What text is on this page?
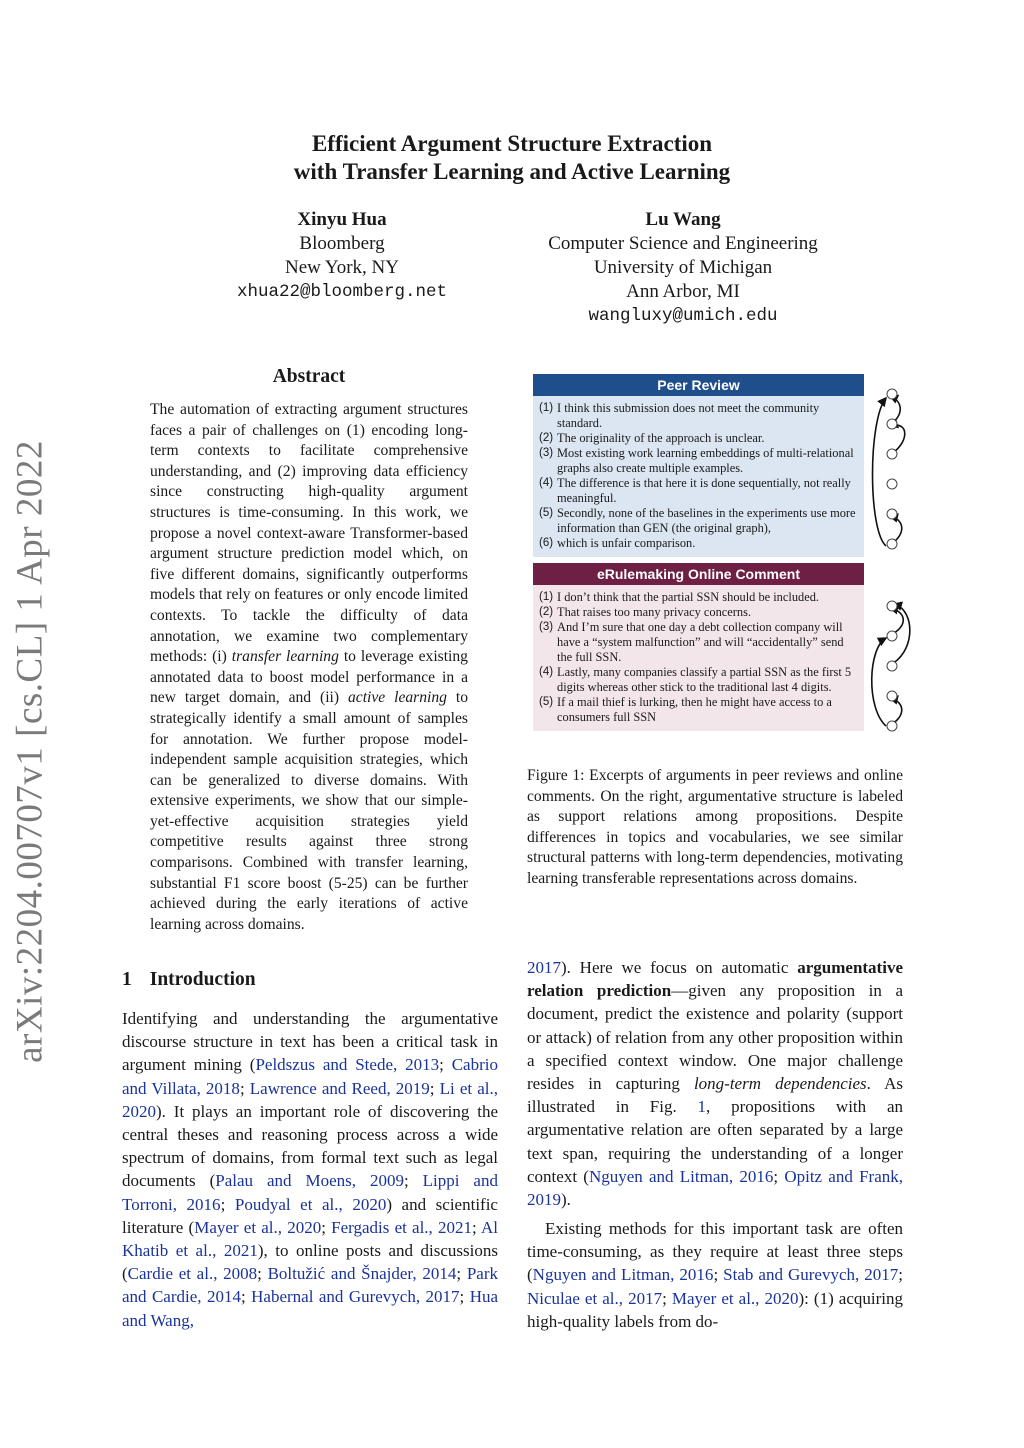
arXiv:2204.00707v1 [cs.CL] 1 Apr 2022
Efficient Argument Structure Extraction
with Transfer Learning and Active Learning
Xinyu Hua
Bloomberg
New York, NY
xhua22@bloomberg.net
Lu Wang
Computer Science and Engineering
University of Michigan
Ann Arbor, MI
wangluxy@umich.edu
Abstract
The automation of extracting argument structures faces a pair of challenges on (1) encoding long-term contexts to facilitate comprehensive understanding, and (2) improving data efficiency since constructing high-quality argument structures is time-consuming. In this work, we propose a novel context-aware Transformer-based argument structure prediction model which, on five different domains, significantly outperforms models that rely on features or only encode limited contexts. To tackle the difficulty of data annotation, we examine two complementary methods: (i) transfer learning to leverage existing annotated data to boost model performance in a new target domain, and (ii) active learning to strategically identify a small amount of samples for annotation. We further propose model-independent sample acquisition strategies, which can be generalized to diverse domains. With extensive experiments, we show that our simple-yet-effective acquisition strategies yield competitive results against three strong comparisons. Combined with transfer learning, substantial F1 score boost (5-25) can be further achieved during the early iterations of active learning across domains.
1 Introduction
Identifying and understanding the argumentative discourse structure in text has been a critical task in argument mining (Peldszus and Stede, 2013; Cabrio and Villata, 2018; Lawrence and Reed, 2019; Li et al., 2020). It plays an important role of discovering the central theses and reasoning process across a wide spectrum of domains, from formal text such as legal documents (Palau and Moens, 2009; Lippi and Torroni, 2016; Poudyal et al., 2020) and scientific literature (Mayer et al., 2020; Fergadis et al., 2021; Al Khatib et al., 2021), to online posts and discussions (Cardie et al., 2008; Boltužić and Šnajder, 2014; Park and Cardie, 2014; Habernal and Gurevych, 2017; Hua and Wang,
2017). Here we focus on automatic argumentative relation prediction—given any proposition in a document, predict the existence and polarity (support or attack) of relation from any other proposition within a specified context window. One major challenge resides in capturing long-term dependencies. As illustrated in Fig. 1, propositions with an argumentative relation are often separated by a large text span, requiring the understanding of a longer context (Nguyen and Litman, 2016; Opitz and Frank, 2019).
Existing methods for this important task are often time-consuming, as they require at least three steps (Nguyen and Litman, 2016; Stab and Gurevych, 2017; Niculae et al., 2017; Mayer et al., 2020): (1) acquiring high-quality labels from do-
Peer Review
(1) I think this submission does not meet the community standard.
(2) The originality of the approach is unclear.
(3) Most existing work learning embeddings of multi-relational graphs also create multiple examples.
(4) The difference is that here it is done sequentially, not really meaningful.
(5) Secondly, none of the baselines in the experiments use more information than GEN (the original graph),
(6) which is unfair comparison.
eRulemaking Online Comment
(1) I don’t think that the partial SSN should be included.
(2) That raises too many privacy concerns.
(3) And I’m sure that one day a debt collection company will have a “system malfunction” and will “accidentally” send the full SSN.
(4) Lastly, many companies classify a partial SSN as the first 5 digits whereas other stick to the traditional last 4 digits.
(5) If a mail thief is lurking, then he might have access to a consumers full SSN
Figure 1: Excerpts of arguments in peer reviews and online comments. On the right, argumentative structure is labeled as support relations among propositions. Despite differences in topics and vocabularies, we see similar structural patterns with long-term dependencies, motivating learning transferable representations across domains.
